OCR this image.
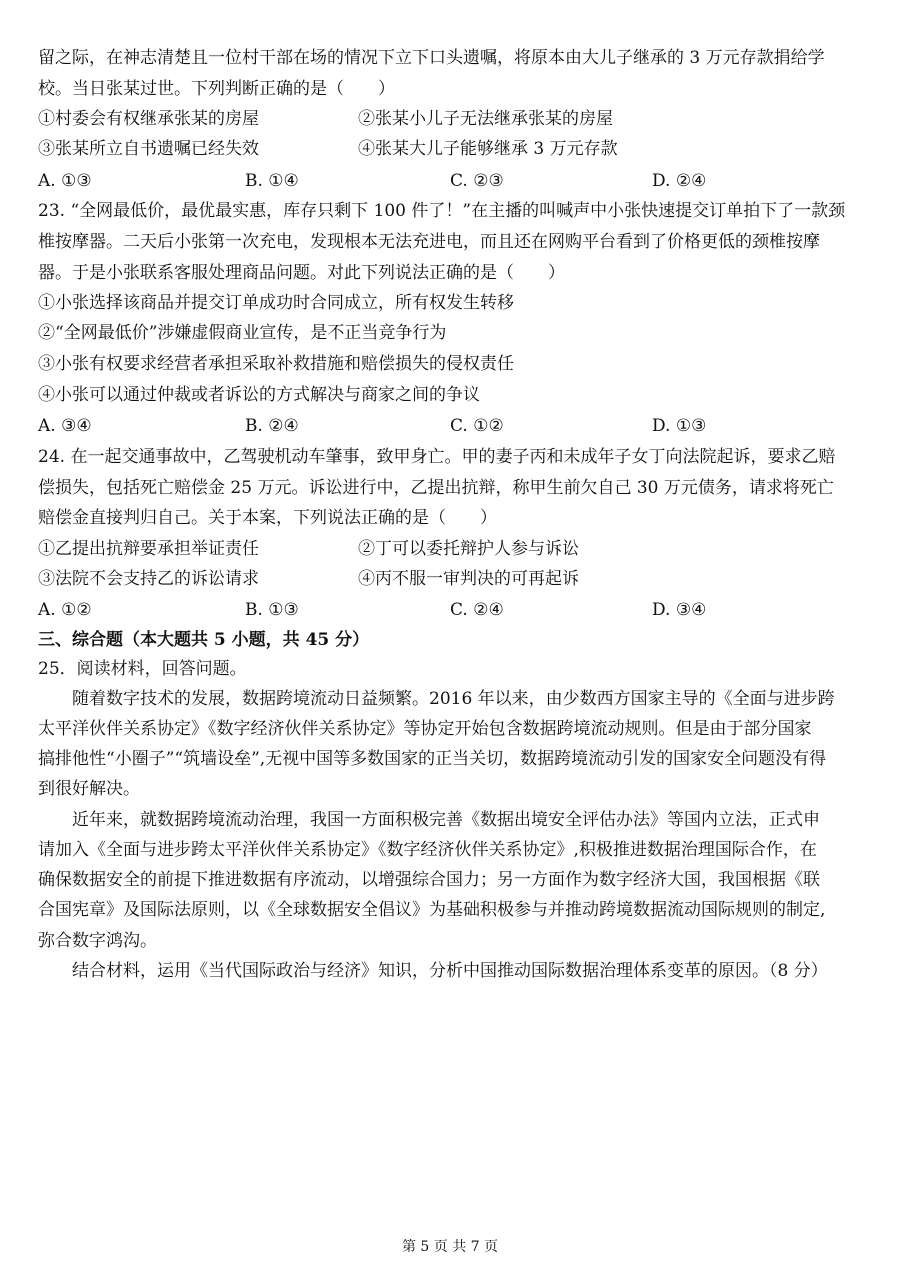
留之际，在神志清楚且一位村干部在场的情况下立下口头遗嘱，将原本由大儿子继承的 3 万元存款捐给学
校。当日张某过世。下列判断正确的是（　　）
①村委会有权继承张某的房屋	②张某小儿子无法继承张某的房屋
③张某所立自书遗嘱已经失效	④张某大儿子能够继承 3 万元存款
A. ①③	B. ①④	C. ②③	D. ②④
23. “全网最低价，最优最实惠，库存只剩下 100 件了！”在主播的叫喊声中小张快速提交订单拍下了一款颈
椎按摩器。二天后小张第一次充电，发现根本无法充进电，而且还在网购平台看到了价格更低的颈椎按摩
器。于是小张联系客服处理商品问题。对此下列说法正确的是（　　）
①小张选择该商品并提交订单成功时合同成立，所有权发生转移
②“全网最低价”涉嫌虚假商业宣传，是不正当竞争行为
③小张有权要求经营者承担采取补救措施和赔偿损失的侵权责任
④小张可以通过仲裁或者诉讼的方式解决与商家之间的争议
A. ③④	B. ②④	C. ①②	D. ①③
24. 在一起交通事故中，乙驾驶机动车肇事，致甲身亡。甲的妻子丙和未成年子女丁向法院起诉，要求乙赔
偿损失，包括死亡赔偿金 25 万元。诉讼进行中，乙提出抗辩，称甲生前欠自己 30 万元债务，请求将死亡
赔偿金直接判归自己。关于本案，下列说法正确的是（　　）
①乙提出抗辩要承担举证责任	②丁可以委托辩护人参与诉讼
③法院不会支持乙的诉讼请求	④丙不服一审判决的可再起诉
A. ①②	B. ①③	C. ②④	D. ③④
三、综合题（本大题共 5 小题，共 45 分）
25．阅读材料，回答问题。
随着数字技术的发展，数据跨境流动日益频繁。2016 年以来，由少数西方国家主导的《全面与进步跨
太平洋伙伴关系协定》《数字经济伙伴关系协定》等协定开始包含数据跨境流动规则。但是由于部分国家
搞排他性“小圈子”“筑墙设垒”,无视中国等多数国家的正当关切，数据跨境流动引发的国家安全问题没有得
到很好解决。
近年来，就数据跨境流动治理，我国一方面积极完善《数据出境安全评估办法》等国内立法，正式申
请加入《全面与进步跨太平洋伙伴关系协定》《数字经济伙伴关系协定》,积极推进数据治理国际合作，在
确保数据安全的前提下推进数据有序流动，以增强综合国力；另一方面作为数字经济大国，我国根据《联
合国宪章》及国际法原则，以《全球数据安全倡议》为基础积极参与并推动跨境数据流动国际规则的制定,
弥合数字鸿沟。
结合材料，运用《当代国际政治与经济》知识，分析中国推动国际数据治理体系变革的原因。（8 分）
第 5 页 共 7 页
